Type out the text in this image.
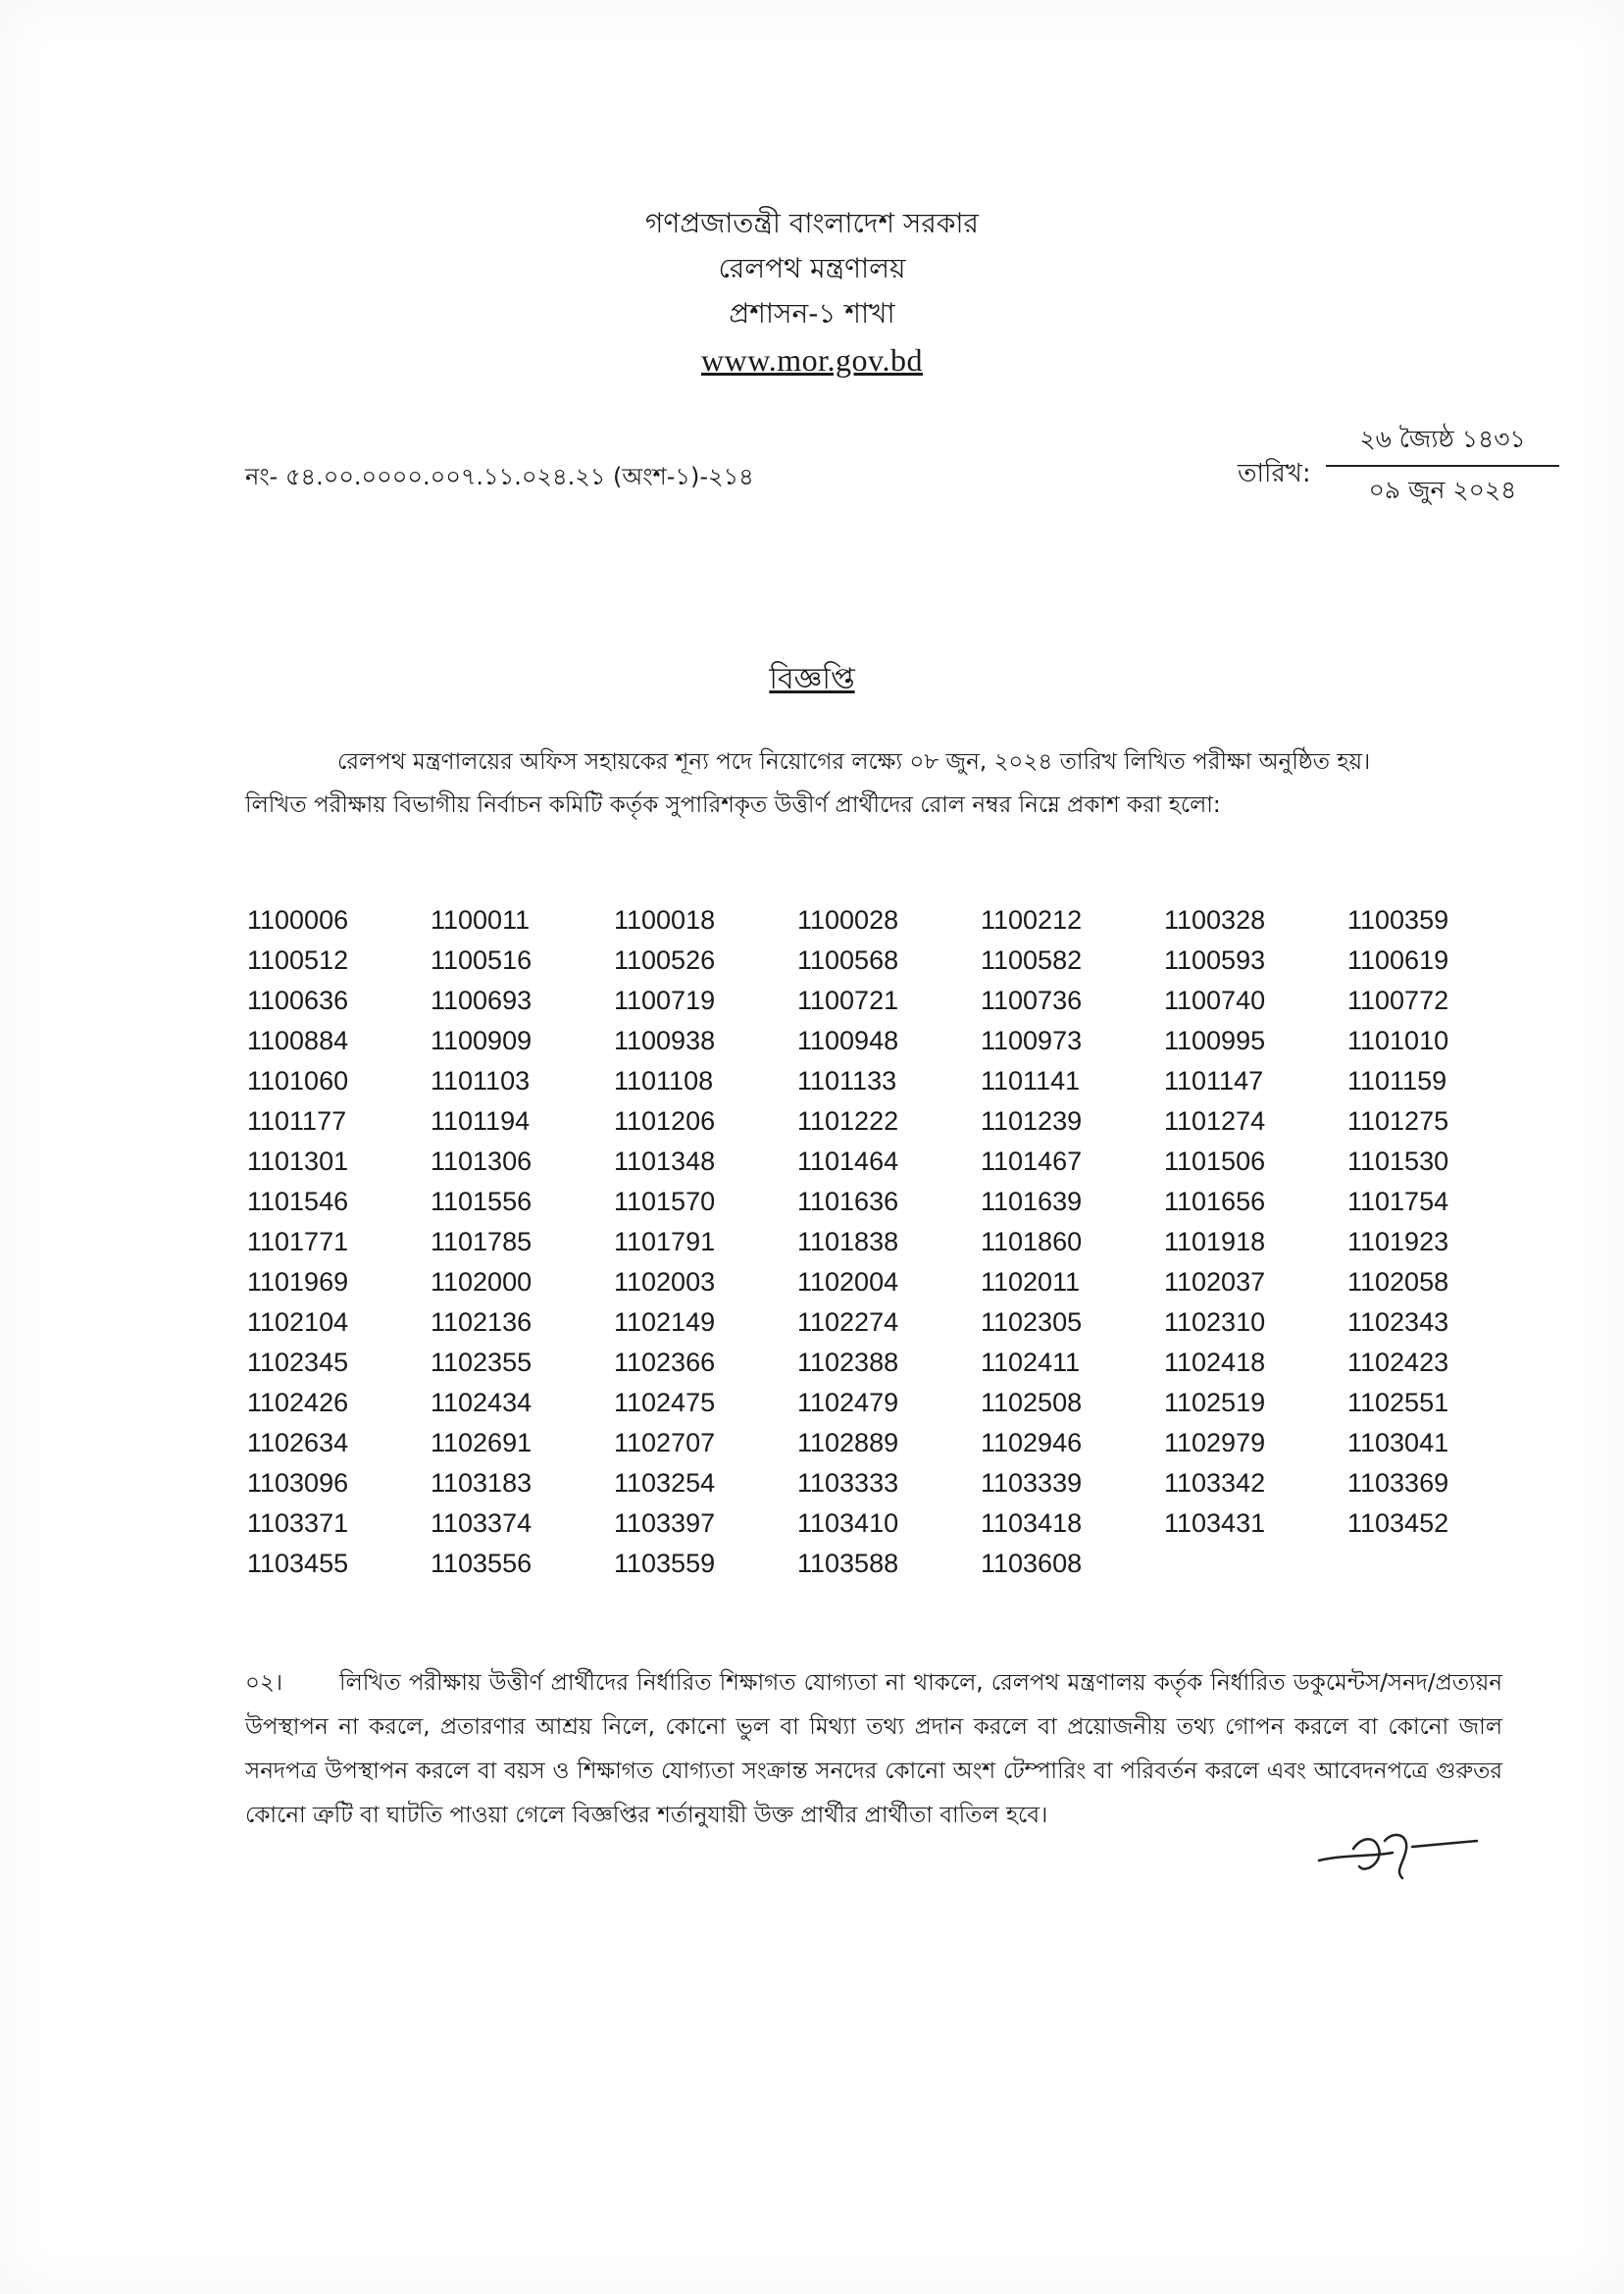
গণপ্রজাতন্ত্রী বাংলাদেশ সরকার
রেলপথ মন্ত্রণালয়
প্রশাসন-১ শাখা
www.mor.gov.bd
নং- ৫৪.০০.০০০০.০০৭.১১.০২৪.২১ (অংশ-১)-২১৪	তারিখ:
২৬ জ্যৈষ্ঠ ১৪৩১
০৯ জুন ২০২৪
বিজ্ঞপ্তি
রেলপথ মন্ত্রণালয়ের অফিস সহায়কের শূন্য পদে নিয়োগের লক্ষ্যে ০৮ জুন, ২০২৪ তারিখ লিখিত পরীক্ষা অনুষ্ঠিত হয়।
লিখিত পরীক্ষায় বিভাগীয় নির্বাচন কমিটি কর্তৃক সুপারিশকৃত উত্তীর্ণ প্রার্থীদের রোল নম্বর নিম্নে প্রকাশ করা হলো:
1100006	1100011	1100018	1100028	1100212	1100328	1100359
1100512	1100516	1100526	1100568	1100582	1100593	1100619
1100636	1100693	1100719	1100721	1100736	1100740	1100772
1100884	1100909	1100938	1100948	1100973	1100995	1101010
1101060	1101103	1101108	1101133	1101141	1101147	1101159
1101177	1101194	1101206	1101222	1101239	1101274	1101275
1101301	1101306	1101348	1101464	1101467	1101506	1101530
1101546	1101556	1101570	1101636	1101639	1101656	1101754
1101771	1101785	1101791	1101838	1101860	1101918	1101923
1101969	1102000	1102003	1102004	1102011	1102037	1102058
1102104	1102136	1102149	1102274	1102305	1102310	1102343
1102345	1102355	1102366	1102388	1102411	1102418	1102423
1102426	1102434	1102475	1102479	1102508	1102519	1102551
1102634	1102691	1102707	1102889	1102946	1102979	1103041
1103096	1103183	1103254	1103333	1103339	1103342	1103369
1103371	1103374	1103397	1103410	1103418	1103431	1103452
1103455	1103556	1103559	1103588	1103608
০২।	লিখিত পরীক্ষায় উত্তীর্ণ প্রার্থীদের নির্ধারিত শিক্ষাগত যোগ্যতা না থাকলে, রেলপথ মন্ত্রণালয় কর্তৃক নির্ধারিত ডকুমেন্টস/সনদ/প্রত্যয়ন উপস্থাপন না করলে, প্রতারণার আশ্রয় নিলে, কোনো ভুল বা মিথ্যা তথ্য প্রদান করলে বা প্রয়োজনীয় তথ্য গোপন করলে বা কোনো জাল সনদপত্র উপস্থাপন করলে বা বয়স ও শিক্ষাগত যোগ্যতা সংক্রান্ত সনদের কোনো অংশ টেম্পারিং বা পরিবর্তন করলে এবং আবেদনপত্রে গুরুতর কোনো ত্রুটি বা ঘাটতি পাওয়া গেলে বিজ্ঞপ্তির শর্তানুযায়ী উক্ত প্রার্থীর প্রার্থীতা বাতিল হবে।
